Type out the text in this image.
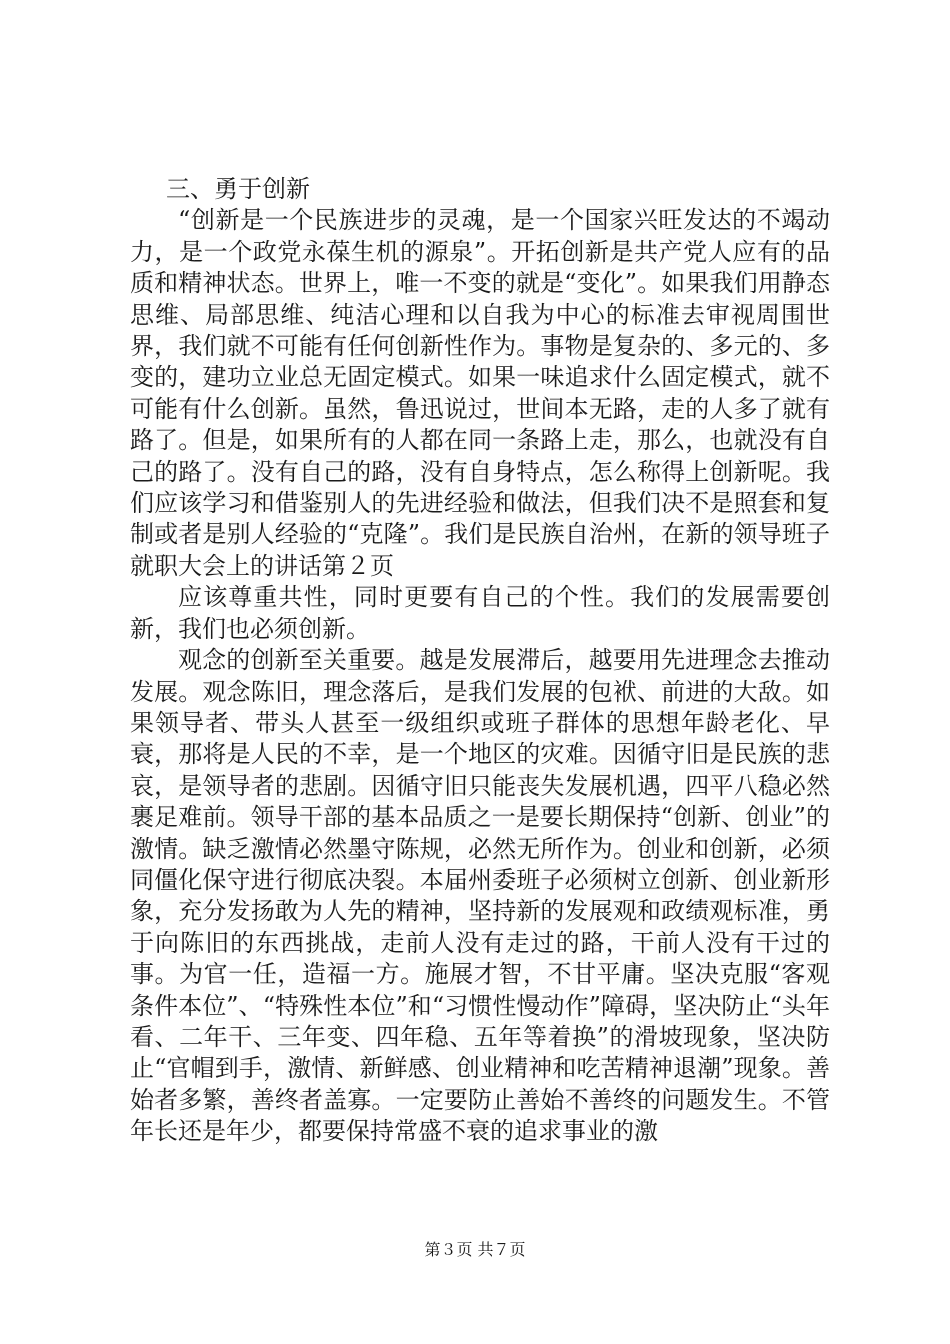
三、勇于创新

“创新是一个民族进步的灵魂，是一个国家兴旺发达的不竭动力，是一个政党永葆生机的源泉”。开拓创新是共产党人应有的品质和精神状态。世界上，唯一不变的就是“变化”。如果我们用静态思维、局部思维、纯洁心理和以自我为中心的标准去审视周围世界，我们就不可能有任何创新性作为。事物是复杂的、多元的、多变的，建功立业总无固定模式。如果一味追求什么固定模式，就不可能有什么创新。虽然，鲁迅说过，世间本无路，走的人多了就有路了。但是，如果所有的人都在同一条路上走，那么，也就没有自己的路了。没有自己的路，没有自身特点，怎么称得上创新呢。我们应该学习和借鉴别人的先进经验和做法，但我们决不是照套和复制或者是别人经验的“克隆”。我们是民族自治州，在新的领导班子就职大会上的讲话第２页

应该尊重共性，同时更要有自己的个性。我们的发展需要创新，我们也必须创新。

观念的创新至关重要。越是发展滞后，越要用先进理念去推动发展。观念陈旧，理念落后，是我们发展的包袱、前进的大敌。如果领导者、带头人甚至一级组织或班子群体的思想年龄老化、早衰，那将是人民的不幸，是一个地区的灾难。因循守旧是民族的悲哀，是领导者的悲剧。因循守旧只能丧失发展机遇，四平八稳必然裹足难前。领导干部的基本品质之一是要长期保持“创新、创业”的激情。缺乏激情必然墨守陈规，必然无所作为。创业和创新，必须同僵化保守进行彻底决裂。本届州委班子必须树立创新、创业新形象，充分发扬敢为人先的精神，坚持新的发展观和政绩观标准，勇于向陈旧的东西挑战，走前人没有走过的路，干前人没有干过的事。为官一任，造福一方。施展才智，不甘平庸。坚决克服“客观条件本位”、“特殊性本位”和“习惯性慢动作”障碍，坚决防止“头年看、二年干、三年变、四年稳、五年等着换”的滑坡现象，坚决防止“官帽到手，激情、新鲜感、创业精神和吃苦精神退潮”现象。善始者多繁，善终者盖寡。一定要防止善始不善终的问题发生。不管年长还是年少，都要保持常盛不衰的追求事业的激

第３页 共７页
